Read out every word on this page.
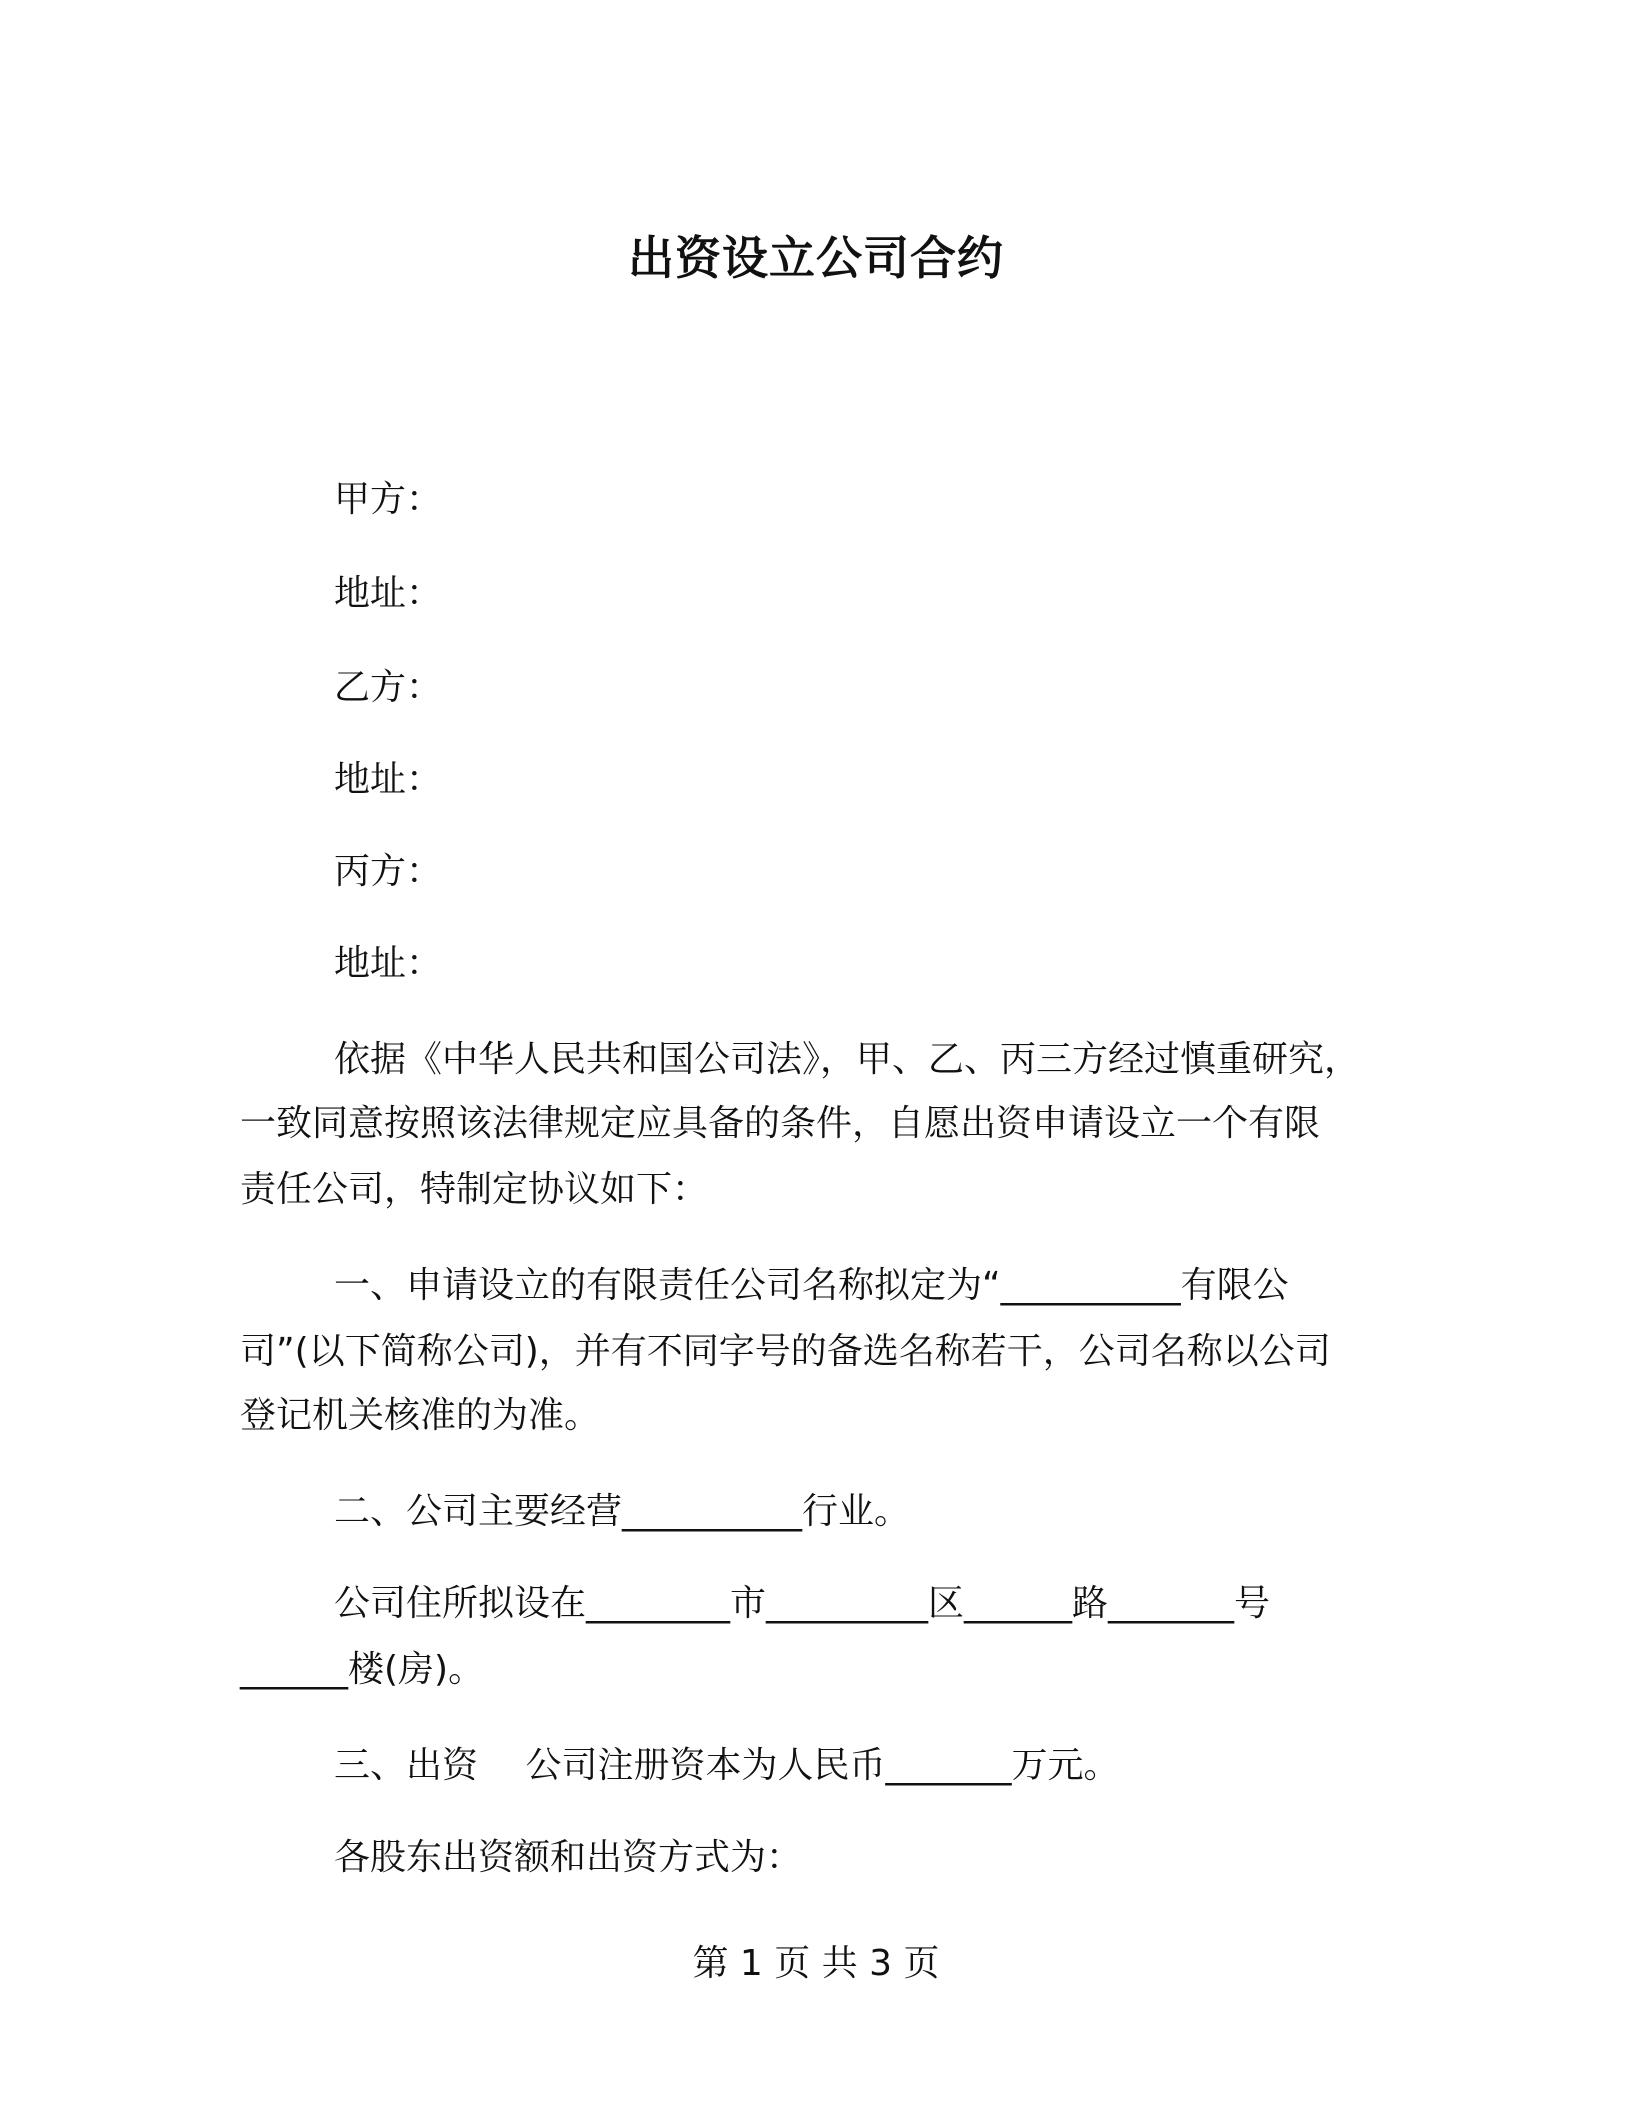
出资设立公司合约
甲方：
地址：
乙方：
地址：
丙方：
地址：
依据《中华人民共和国公司法》，甲、乙、丙三方经过慎重研究，
一致同意按照该法律规定应具备的条件，自愿出资申请设立一个有限
责任公司，特制定协议如下：
一、申请设立的有限责任公司名称拟定为“__________有限公
司”(以下简称公司)，并有不同字号的备选名称若干，公司名称以公司
登记机关核准的为准。
二、公司主要经营__________行业。
公司住所拟设在________市_________区______路_______号
______楼(房)。
三、出资　 公司注册资本为人民币_______万元。
各股东出资额和出资方式为：
第 1 页 共 3 页
